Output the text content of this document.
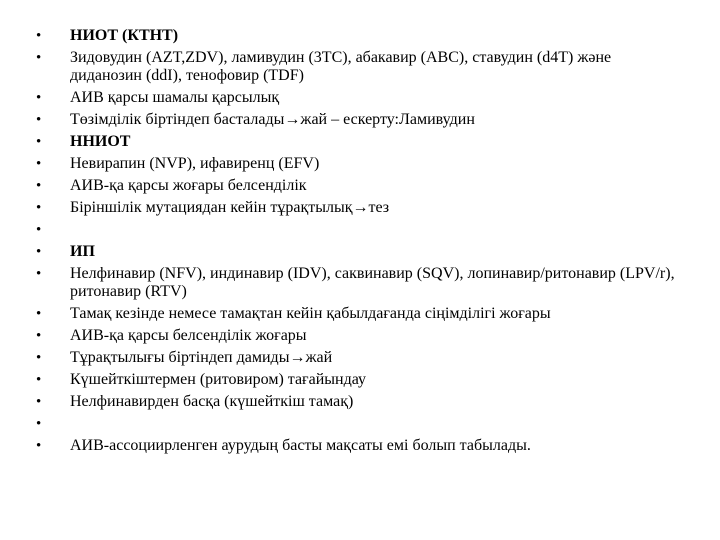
•	НИОТ (КТНТ)
•	Зидовудин (AZT,ZDV), ламивудин (3TC), абакавир (ABC), ставудин (d4T) және диданозин (ddI), тенофовир (TDF)
•	АИВ қарсы шамалы қарсылық
•	Төзімділік біртіндеп басталады→жай – ескерту:Ламивудин
•	ННИОТ
•	Невирапин (NVP), ифавиренц (EFV)
•	АИВ-қа қарсы жоғары белсенділік
•	Біріншілік мутациядан кейін тұрақтылық→тез
•
•	ИП
•	Нелфинавир (NFV), индинавир (IDV), саквинавир (SQV), лопинавир/ритонавир (LPV/r), ритонавир (RTV)
•	Тамақ кезінде немесе тамақтан кейін қабылдағанда сіңімділігі жоғары
•	АИВ-қа қарсы белсенділік жоғары
•	Тұрақтылығы біртіндеп дамиды→жай
•	Күшейткіштермен (ритовиром) тағайындау
•	Нелфинавирден басқа (күшейткіш тамақ)
•
•	АИВ-ассоциирленген аурудың басты мақсаты емі болып табылады.
